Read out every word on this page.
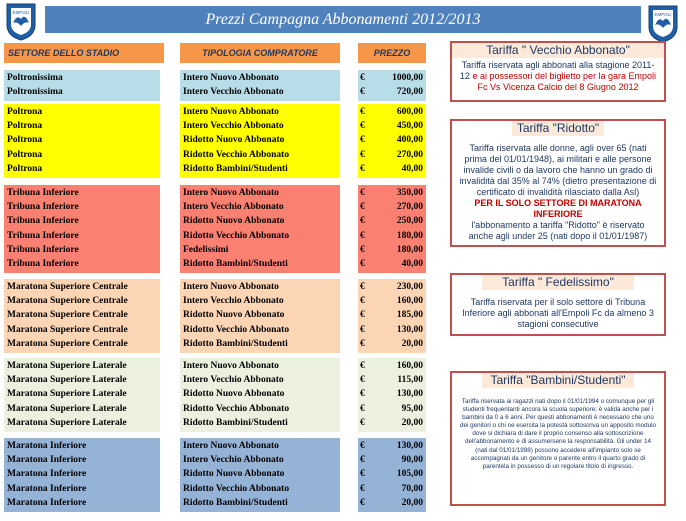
EMPOLI	EMPOLI
Prezzi Campagna Abbonamenti 2012/2013
SETTORE DELLO STADIO	TIPOLOGIA COMPRATORE	PREZZO
Poltronissima	Intero Nuovo Abbonato	€	1000,00
Poltronissima	Intero Vecchio Abbonato	€	720,00
Poltrona	Intero Nuovo Abbonato	€	600,00
Poltrona	Intero Vecchio Abbonato	€	450,00
Poltrona	Ridotto Nuovo Abbonato	€	400,00
Poltrona	Ridotto Vecchio Abbonato	€	270,00
Poltrona	Ridotto Bambini/Studenti	€	40,00
Tribuna Inferiore	Intero Nuovo Abbonato	€	350,00
Tribuna Inferiore	Intero Vecchio Abbonato	€	270,00
Tribuna Inferiore	Ridotto Nuovo Abbonato	€	250,00
Tribuna Inferiore	Ridotto Vecchio Abbonato	€	180,00
Tribuna Inferiore	Fedelissimi	€	180,00
Tribuna Inferiore	Ridotto Bambini/Studenti	€	40,00
Maratona Superiore Centrale	Intero Nuovo Abbonato	€	230,00
Maratona Superiore Centrale	Intero Vecchio Abbonato	€	160,00
Maratona Superiore Centrale	Ridotto Nuovo Abbonato	€	185,00
Maratona Superiore Centrale	Ridotto Vecchio Abbonato	€	130,00
Maratona Superiore Centrale	Ridotto Bambini/Studenti	€	20,00
Maratona Superiore Laterale	Intero Nuovo Abbonato	€	160,00
Maratona Superiore Laterale	Intero Vecchio Abbonato	€	115,00
Maratona Superiore Laterale	Ridotto Nuovo Abbonato	€	130,00
Maratona Superiore Laterale	Ridotto Vecchio Abbonato	€	95,00
Maratona Superiore Laterale	Ridotto Bambini/Studenti	€	20,00
Maratona Inferiore	Intero Nuovo Abbonato	€	130,00
Maratona Inferiore	Intero Vecchio Abbonato	€	90,00
Maratona Inferiore	Ridotto Nuovo Abbonato	€	105,00
Maratona Inferiore	Ridotto Vecchio Abbonato	€	70,00
Maratona Inferiore	Ridotto Bambini/Studenti	€	20,00
Tariffa " Vecchio Abbonato"
Tariffa riservata agli abbonati alla stagione 2011-12 e ai possessori del biglietto per la gara Empoli Fc Vs Vicenza Calcio del 8 Giugno 2012
Tariffa "Ridotto"
Tariffa riservata alle donne, agli over 65 (nati prima del 01/01/1948), ai militari e alle persone invalide civili o da lavoro che hanno un grado di invalidità dal 35% al 74% (dietro presentazione di certificato di invalidità rilasciato dalla Asl)
PER IL SOLO SETTORE DI MARATONA INFERIORE
l'abbonamento a tariffa "Ridotto" è riservato anche agli under 25 (nati dopo il 01/01/1987)
Tariffa " Fedelissimo"
Tariffa riservata per il solo settore di Tribuna Inferiore agli abbonati all'Empoli Fc da almeno 3 stagioni consecutive
Tariffa "Bambini/Studenti"
Tariffa riservata ai ragazzi nati dopo il 01/01/1994 o comunque per gli studenti frequentanti ancora la scuola superiore; è valida anche per i bambini da 0 a 6 anni. Per questi abbonamenti è necessario che uno dei genitori o chi ne esercita la potestà sottoscriva un apposito modulo dove si dichiara di dare il proprio consenso alla sottoscrizione dell'abbonamento e di assumersene la responsabilità. Gli under 14 (nati dal 01/01/1998) possono accedere all'impianto solo se accompagnati da un genitore o parente entro il quarto grado di parentela in possesso di un regolare titolo di ingresso.
